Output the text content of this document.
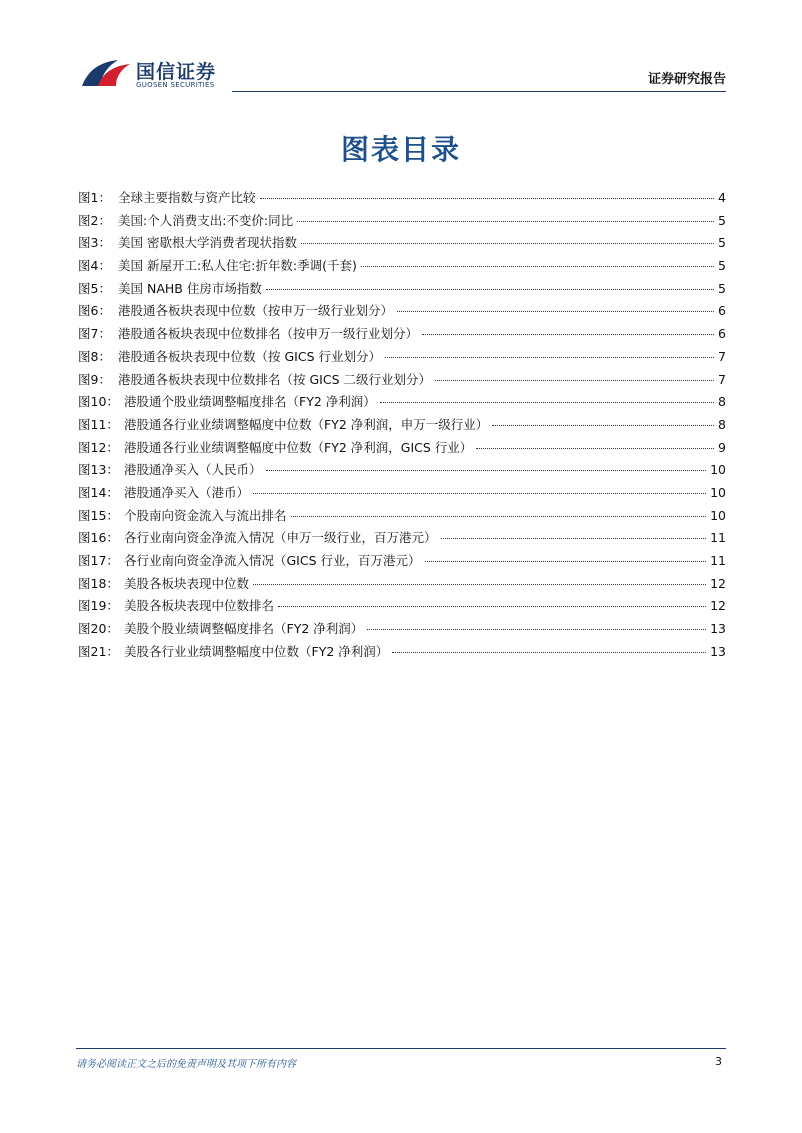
国信证券
GUOSEN SECURITIES	证券研究报告
图表目录
图1： 全球主要指数与资产比较	4
图2： 美国:个人消费支出:不变价:同比	5
图3： 美国 密歇根大学消费者现状指数	5
图4： 美国 新屋开工:私人住宅:折年数:季调(千套)	5
图5： 美国 NAHB 住房市场指数	5
图6： 港股通各板块表现中位数（按申万一级行业划分）	6
图7： 港股通各板块表现中位数排名（按申万一级行业划分）	6
图8： 港股通各板块表现中位数（按 GICS 行业划分）	7
图9： 港股通各板块表现中位数排名（按 GICS 二级行业划分）	7
图10： 港股通个股业绩调整幅度排名（FY2 净利润）	8
图11： 港股通各行业业绩调整幅度中位数（FY2 净利润，申万一级行业）	8
图12： 港股通各行业业绩调整幅度中位数（FY2 净利润，GICS 行业）	9
图13： 港股通净买入（人民币）	10
图14： 港股通净买入（港币）	10
图15： 个股南向资金流入与流出排名	10
图16： 各行业南向资金净流入情况（申万一级行业，百万港元）	11
图17： 各行业南向资金净流入情况（GICS 行业，百万港元）	11
图18： 美股各板块表现中位数	12
图19： 美股各板块表现中位数排名	12
图20： 美股个股业绩调整幅度排名（FY2 净利润）	13
图21： 美股各行业业绩调整幅度中位数（FY2 净利润）	13
请务必阅读正文之后的免责声明及其项下所有内容	3
